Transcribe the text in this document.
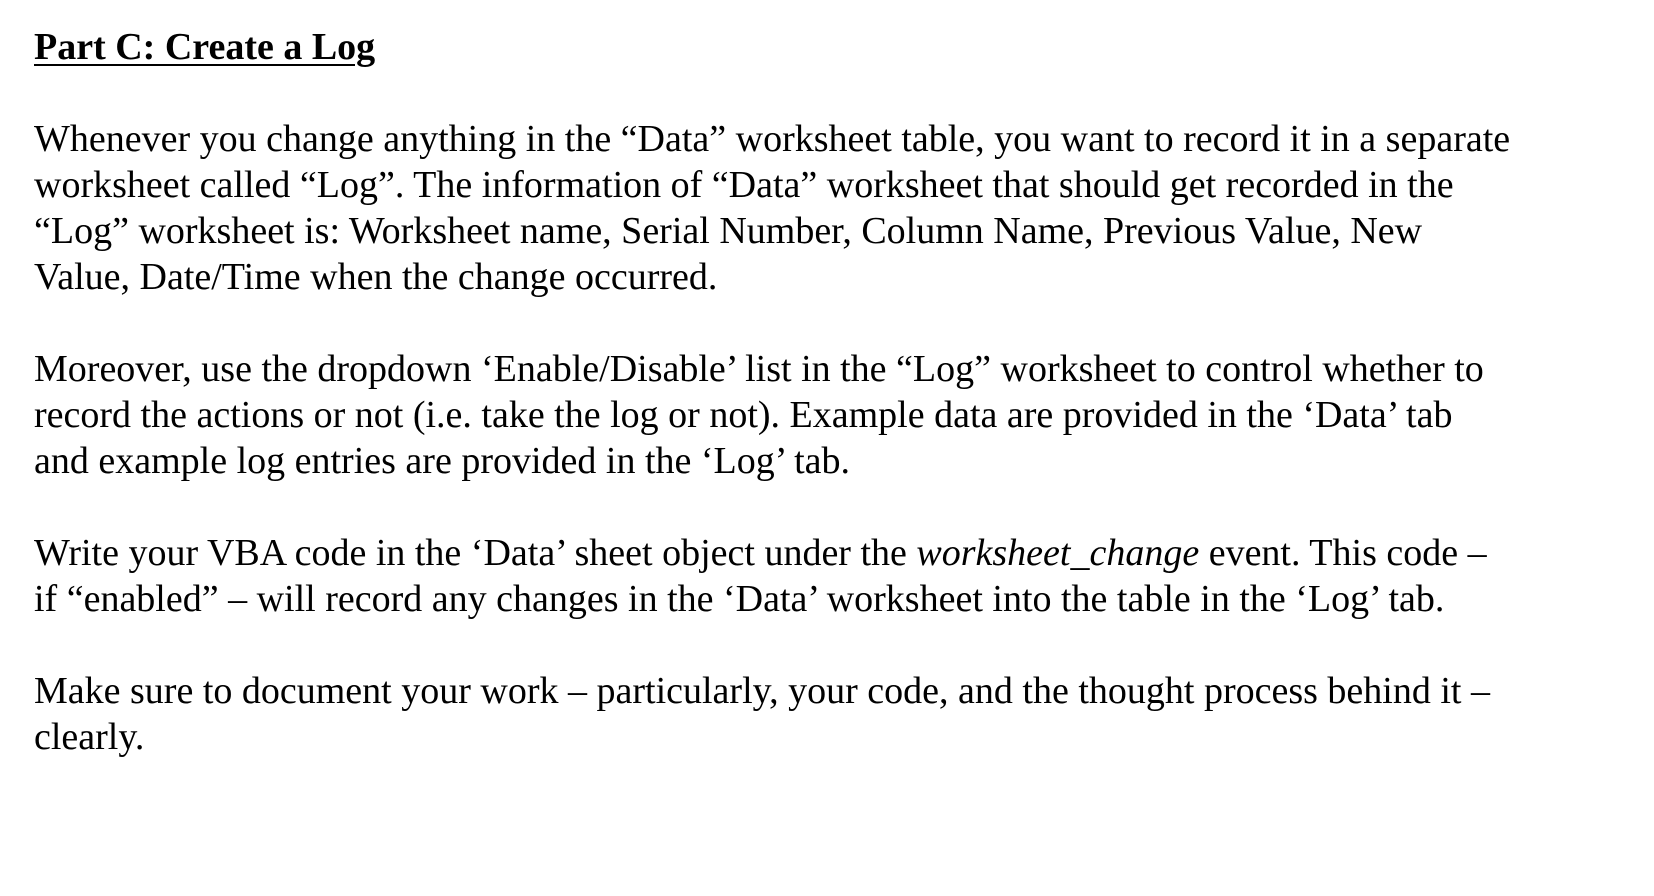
Part C: Create a Log
Whenever you change anything in the “Data” worksheet table, you want to record it in a separate
worksheet called “Log”. The information of “Data” worksheet that should get recorded in the
“Log” worksheet is: Worksheet name, Serial Number, Column Name, Previous Value, New
Value, Date/Time when the change occurred.
Moreover, use the dropdown ‘Enable/Disable’ list in the “Log” worksheet to control whether to
record the actions or not (i.e. take the log or not). Example data are provided in the ‘Data’ tab
and example log entries are provided in the ‘Log’ tab.
Write your VBA code in the ‘Data’ sheet object under the worksheet_change event. This code –
if “enabled” – will record any changes in the ‘Data’ worksheet into the table in the ‘Log’ tab.
Make sure to document your work – particularly, your code, and the thought process behind it –
clearly.
